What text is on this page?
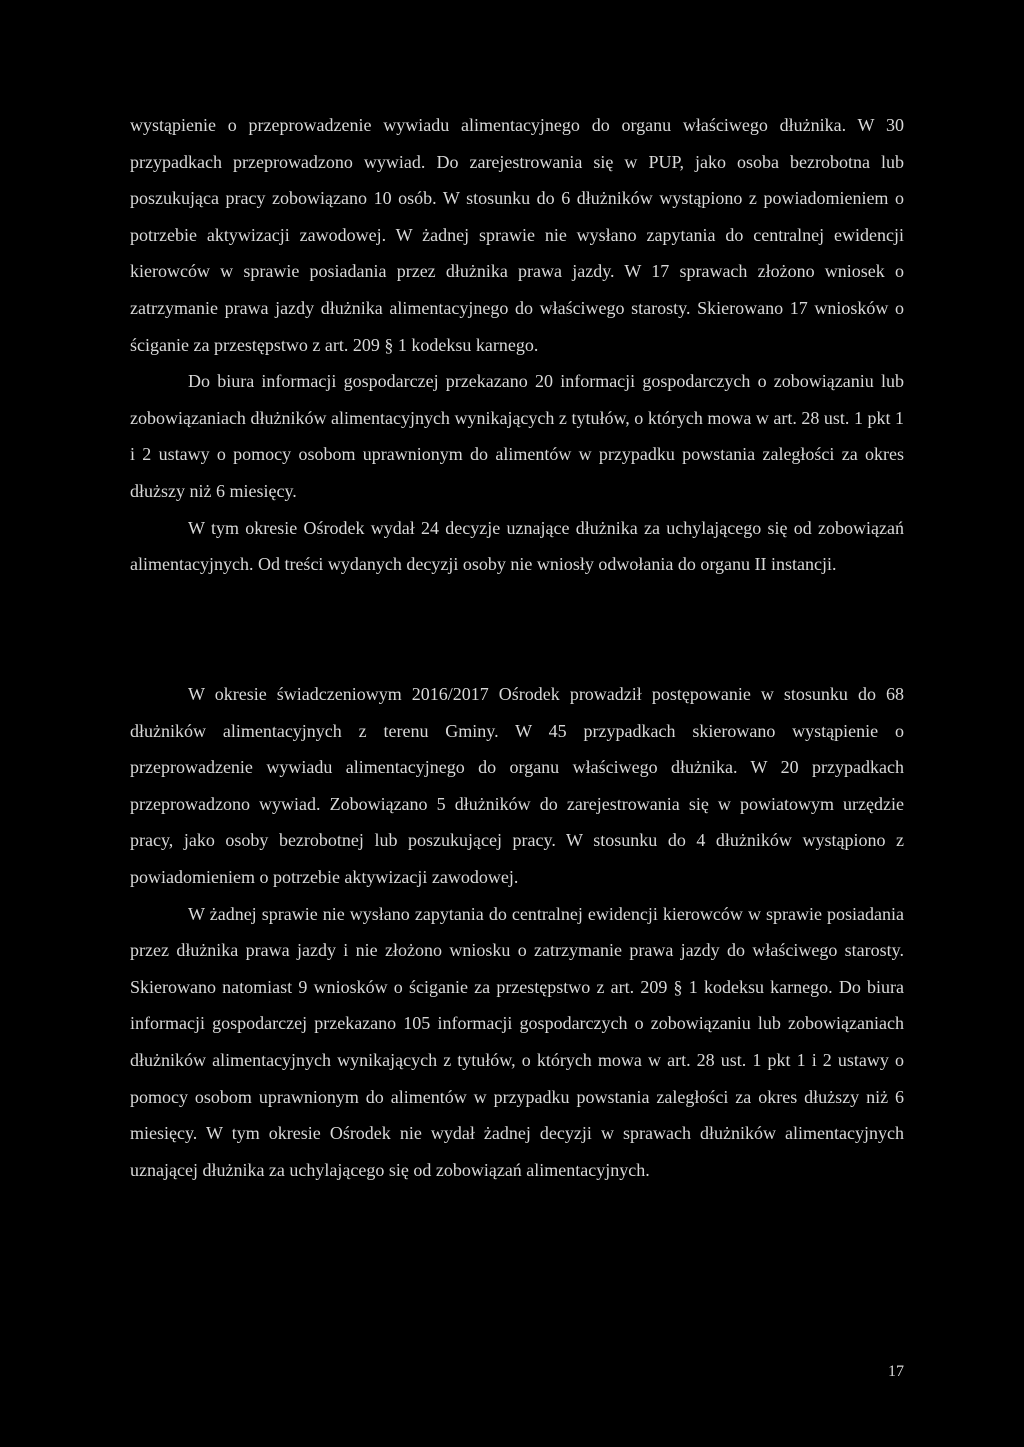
wystąpienie o przeprowadzenie wywiadu alimentacyjnego do organu właściwego dłużnika. W 30 przypadkach przeprowadzono wywiad. Do zarejestrowania się w PUP, jako osoba bezrobotna lub poszukująca pracy zobowiązano 10 osób. W stosunku do 6 dłużników wystąpiono z powiadomieniem o potrzebie aktywizacji zawodowej. W żadnej sprawie nie wysłano zapytania do centralnej ewidencji kierowców w sprawie posiadania przez dłużnika prawa jazdy. W 17 sprawach złożono wniosek o zatrzymanie prawa jazdy dłużnika alimentacyjnego do właściwego starosty. Skierowano 17 wniosków o ściganie za przestępstwo z art. 209 § 1 kodeksu karnego.

Do biura informacji gospodarczej przekazano 20 informacji gospodarczych o zobowiązaniu lub zobowiązaniach dłużników alimentacyjnych wynikających z tytułów, o których mowa w art. 28 ust. 1 pkt 1 i 2 ustawy o pomocy osobom uprawnionym do alimentów w przypadku powstania zaległości za okres dłuższy niż 6 miesięcy.

W tym okresie Ośrodek wydał 24 decyzje uznające dłużnika za uchylającego się od zobowiązań alimentacyjnych. Od treści wydanych decyzji osoby nie wniosły odwołania do organu II instancji.

W okresie świadczeniowym 2016/2017 Ośrodek prowadził postępowanie w stosunku do 68 dłużników alimentacyjnych z terenu Gminy. W 45 przypadkach skierowano wystąpienie o przeprowadzenie wywiadu alimentacyjnego do organu właściwego dłużnika. W 20 przypadkach przeprowadzono wywiad. Zobowiązano 5 dłużników do zarejestrowania się w powiatowym urzędzie pracy, jako osoby bezrobotnej lub poszukującej pracy. W stosunku do 4 dłużników wystąpiono z powiadomieniem o potrzebie aktywizacji zawodowej.

W żadnej sprawie nie wysłano zapytania do centralnej ewidencji kierowców w sprawie posiadania przez dłużnika prawa jazdy i nie złożono wniosku o zatrzymanie prawa jazdy do właściwego starosty. Skierowano natomiast 9 wniosków o ściganie za przestępstwo z art. 209 § 1 kodeksu karnego. Do biura informacji gospodarczej przekazano 105 informacji gospodarczych o zobowiązaniu lub zobowiązaniach dłużników alimentacyjnych wynikających z tytułów, o których mowa w art. 28 ust. 1 pkt 1 i 2 ustawy o pomocy osobom uprawnionym do alimentów w przypadku powstania zaległości za okres dłuższy niż 6 miesięcy. W tym okresie Ośrodek nie wydał żadnej decyzji w sprawach dłużników alimentacyjnych uznającej dłużnika za uchylającego się od zobowiązań alimentacyjnych.

17
